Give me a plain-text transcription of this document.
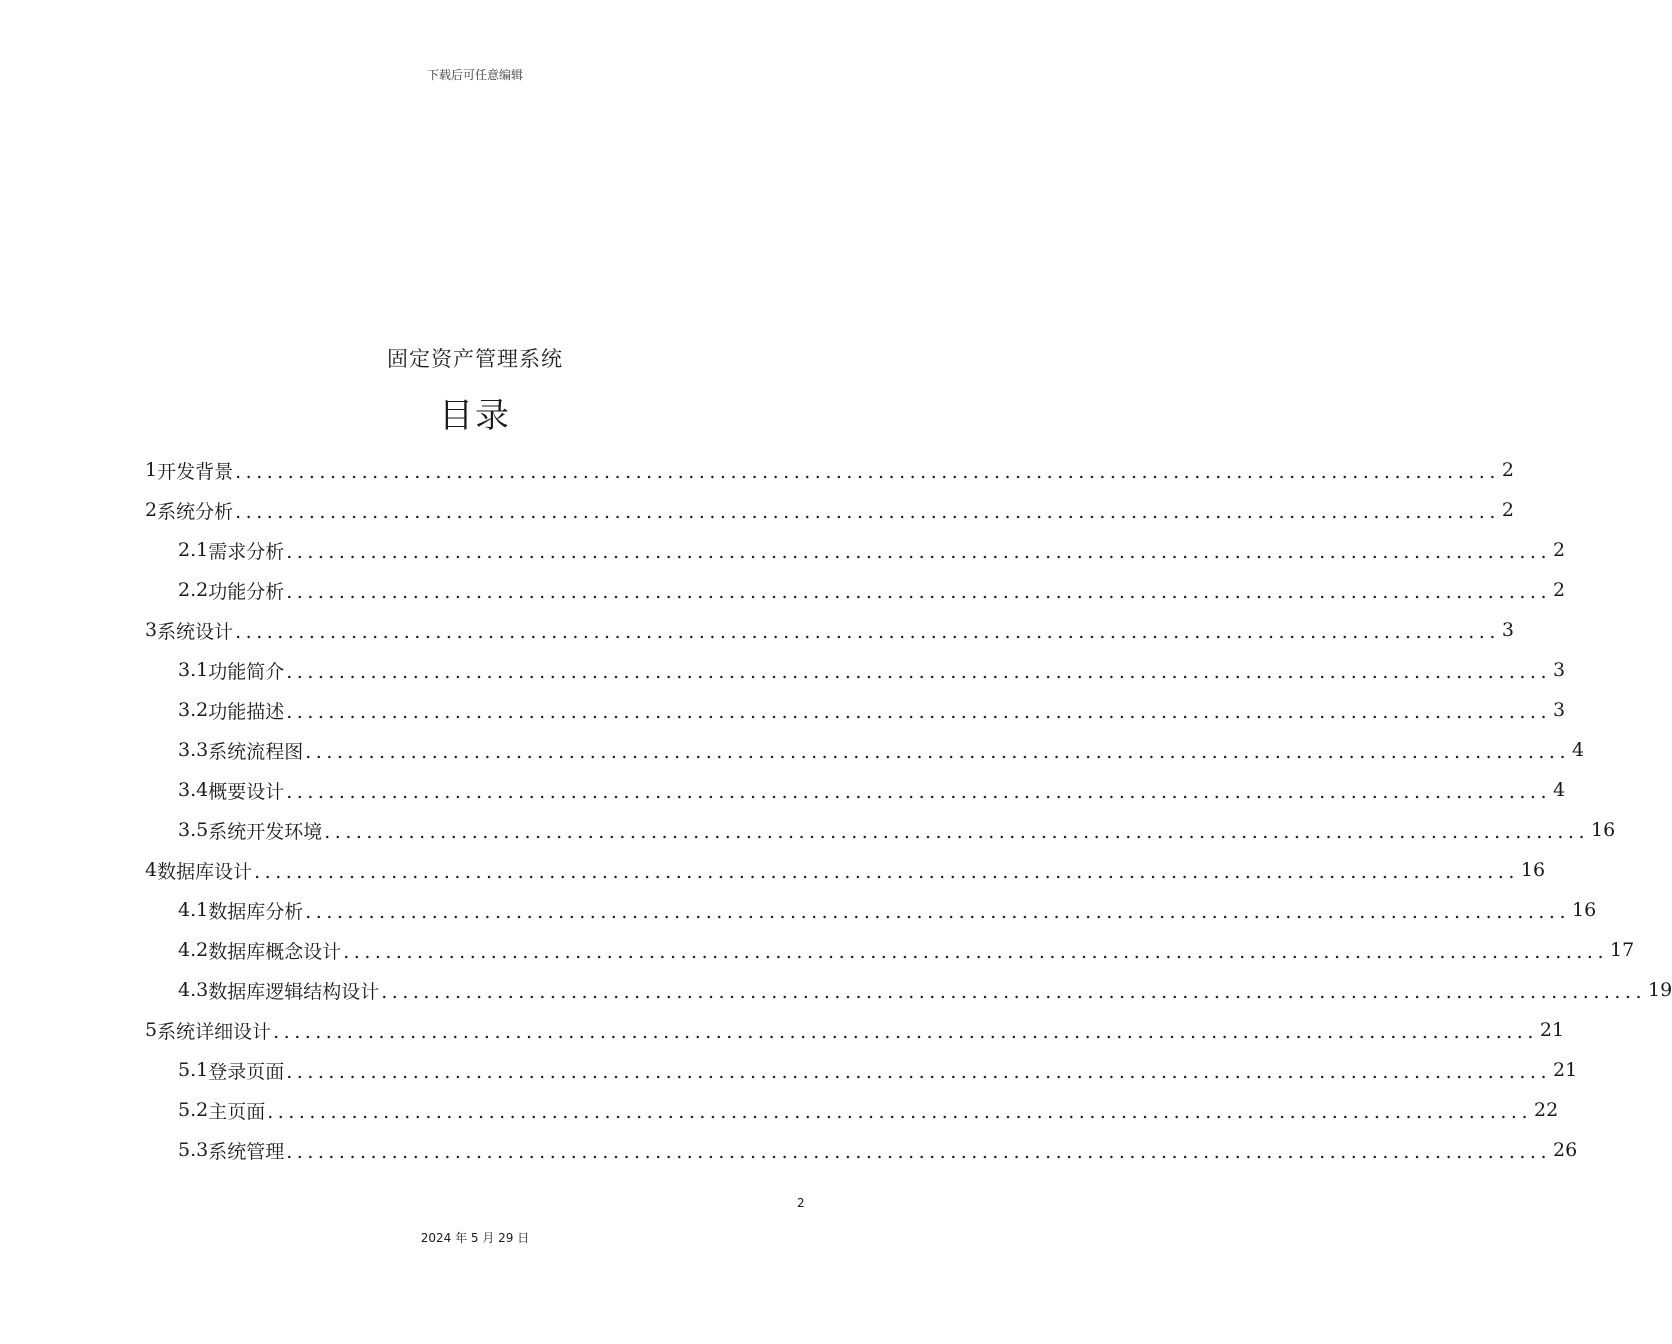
下载后可任意编辑
固定资产管理系统
目录
1 开发背景 ........................................................................................................................ 2
2 系统分析 ........................................................................................................................ 2
2.1 需求分析 ........................................................................................................................ 2
2.2 功能分析 ........................................................................................................................ 2
3 系统设计 ........................................................................................................................ 3
3.1 功能简介 ........................................................................................................................ 3
3.2 功能描述 ........................................................................................................................ 3
3.3 系统流程图 ........................................................................................................................ 4
3.4 概要设计 ........................................................................................................................ 4
3.5 系统开发环境 ........................................................................................................................ 16
4 数据库设计 ........................................................................................................................ 16
4.1 数据库分析 ........................................................................................................................ 16
4.2 数据库概念设计 ........................................................................................................................ 17
4.3 数据库逻辑结构设计 ........................................................................................................................ 19
5 系统详细设计 ........................................................................................................................ 21
5.1 登录页面 ........................................................................................................................ 21
5.2 主页面 ........................................................................................................................ 22
5.3 系统管理 ........................................................................................................................ 26
2
2024 年 5 月 29 日
